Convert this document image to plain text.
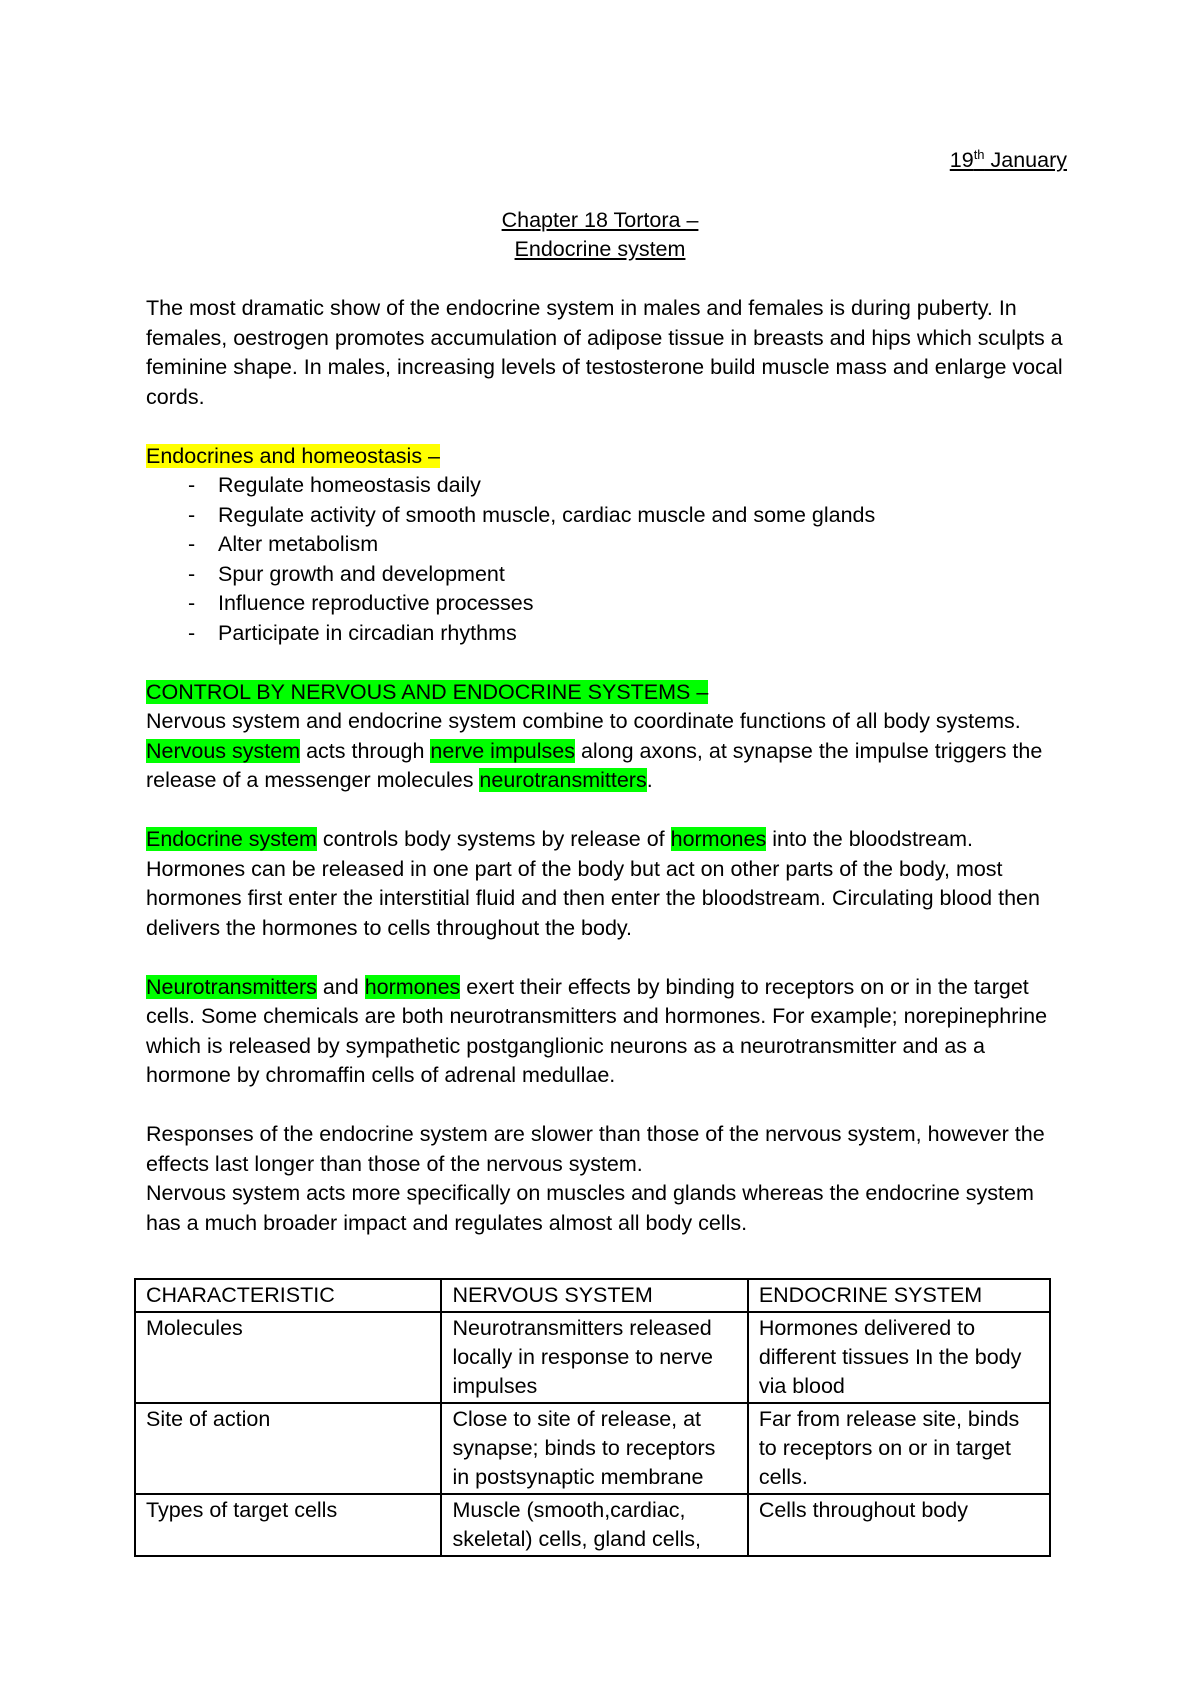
19th January
Chapter 18 Tortora –
Endocrine system

The most dramatic show of the endocrine system in males and females is during puberty. In females, oestrogen promotes accumulation of adipose tissue in breasts and hips which sculpts a feminine shape. In males, increasing levels of testosterone build muscle mass and enlarge vocal cords.

Endocrines and homeostasis –

- Regulate homeostasis daily
- Regulate activity of smooth muscle, cardiac muscle and some glands
- Alter metabolism
- Spur growth and development
- Influence reproductive processes
- Participate in circadian rhythms

CONTROL BY NERVOUS AND ENDOCRINE SYSTEMS –

Nervous system and endocrine system combine to coordinate functions of all body systems. Nervous system acts through nerve impulses along axons, at synapse the impulse triggers the release of a messenger molecules neurotransmitters.

Endocrine system controls body systems by release of hormones into the bloodstream. Hormones can be released in one part of the body but act on other parts of the body, most hormones first enter the interstitial fluid and then enter the bloodstream. Circulating blood then delivers the hormones to cells throughout the body.

Neurotransmitters and hormones exert their effects by binding to receptors on or in the target cells. Some chemicals are both neurotransmitters and hormones. For example; norepinephrine which is released by sympathetic postganglionic neurons as a neurotransmitter and as a hormone by chromaffin cells of adrenal medullae.

Responses of the endocrine system are slower than those of the nervous system, however the effects last longer than those of the nervous system.

Nervous system acts more specifically on muscles and glands whereas the endocrine system has a much broader impact and regulates almost all body cells.

CHARACTERISTIC	NERVOUS SYSTEM	ENDOCRINE SYSTEM
Molecules	Neurotransmitters released locally in response to nerve impulses	Hormones delivered to different tissues In the body via blood
Site of action	Close to site of release, at synapse; binds to receptors in postsynaptic membrane	Far from release site, binds to receptors on or in target cells.
Types of target cells	Muscle (smooth,cardiac, skeletal) cells, gland cells,	Cells throughout body
